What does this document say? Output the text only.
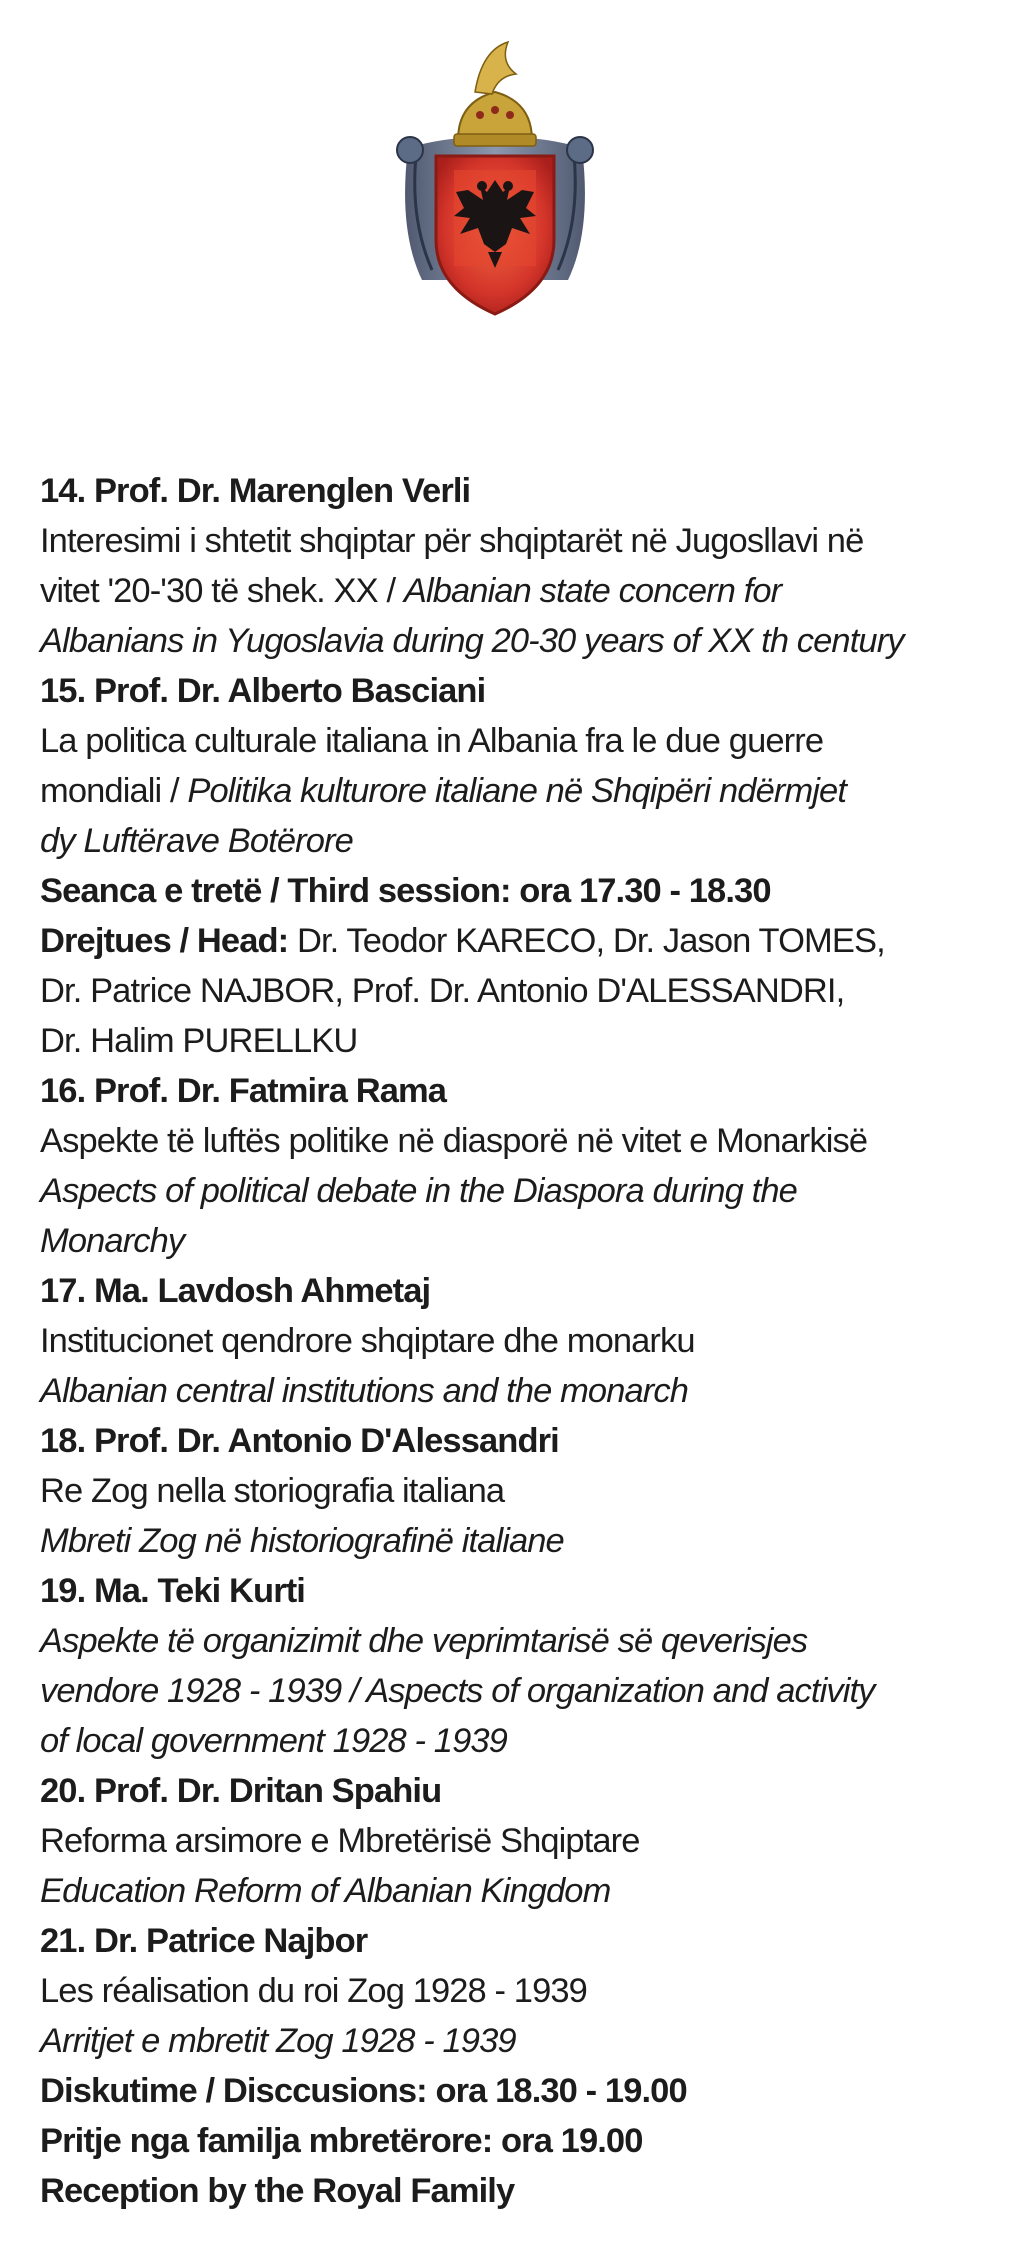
14. Prof. Dr. Marenglen Verli
Interesimi i shtetit shqiptar për shqiptarët në Jugosllavi në
vitet '20-'30 të shek. XX / Albanian state concern for
Albanians in Yugoslavia during 20-30 years of XX th century
15. Prof. Dr. Alberto Basciani
La politica culturale italiana in Albania fra le due guerre
mondiali / Politika kulturore italiane në Shqipëri ndërmjet
dy Luftërave Botërore
Seanca e tretë / Third session: ora 17.30 - 18.30
Drejtues / Head: Dr. Teodor KARECO, Dr. Jason TOMES,
Dr. Patrice NAJBOR, Prof. Dr. Antonio D'ALESSANDRI,
Dr. Halim PURELLKU
16. Prof. Dr. Fatmira Rama
Aspekte të luftës politike në diasporë në vitet e Monarkisë
Aspects of political debate in the Diaspora during the
Monarchy
17. Ma. Lavdosh Ahmetaj
Institucionet qendrore shqiptare dhe monarku
Albanian central institutions and the monarch
18. Prof. Dr. Antonio D'Alessandri
Re Zog nella storiografia italiana
Mbreti Zog në historiografinë italiane
19. Ma. Teki Kurti
Aspekte të organizimit dhe veprimtarisë së qeverisjes
vendore 1928 - 1939 / Aspects of organization and activity
of local government 1928 - 1939
20. Prof. Dr. Dritan Spahiu
Reforma arsimore e Mbretërisë Shqiptare
Education Reform of Albanian Kingdom
21. Dr. Patrice Najbor
Les réalisation du roi Zog 1928 - 1939
Arritjet e mbretit Zog 1928 - 1939
Diskutime / Disccusions: ora 18.30 - 19.00
Pritje nga familja mbretërore: ora 19.00
Reception by the Royal Family
